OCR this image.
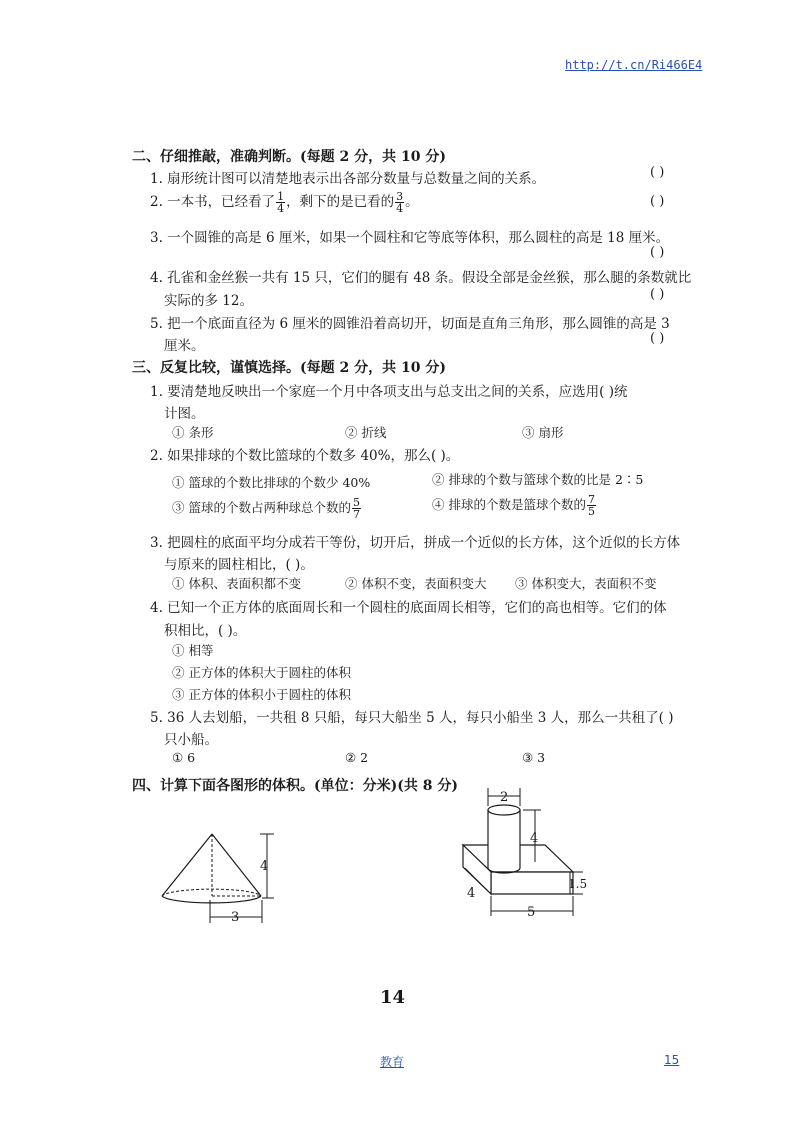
http://t.cn/Ri466E4
二、仔细推敲，准确判断。(每题 2 分，共 10 分)
1. 扇形统计图可以清楚地表示出各部分数量与总数量之间的关系。	( )
2. 一本书，已经看了 $\frac{1}{4}$ ，剩下的是已看的 $\frac{3}{4}$ 。	( )
3. 一个圆锥的高是 6 厘米，如果一个圆柱和它等底等体积，那么圆柱的高是 18 厘米。
( )
4. 孔雀和金丝猴一共有 15 只，它们的腿有 48 条。假设全部是金丝猴，那么腿的条数就比
实际的多 12。	( )
5. 把一个底面直径为 6 厘米的圆锥沿着高切开，切面是直角三角形，那么圆锥的高是 3
厘米。	( )
三、反复比较，谨慎选择。(每题 2 分，共 10 分)
1. 要清楚地反映出一个家庭一个月中各项支出与总支出之间的关系，应选用( )统
计图。
① 条形	② 折线	③ 扇形
2. 如果排球的个数比篮球的个数多 40%，那么( )。
① 篮球的个数比排球的个数少 40%	② 排球的个数与篮球个数的比是 2∶5
③ 篮球的个数占两种球总个数的 $\frac{5}{7}$	④ 排球的个数是篮球个数的 $\frac{7}{5}$
3. 把圆柱的底面平均分成若干等份，切开后，拼成一个近似的长方体，这个近似的长方体
与原来的圆柱相比，( )。
① 体积、表面积都不变	② 体积不变，表面积变大 ③ 体积变大，表面积不变
4. 已知一个正方体的底面周长和一个圆柱的底面周长相等，它们的高也相等。它们的体
积相比，( )。
① 相等
② 正方体的体积大于圆柱的体积
③ 正方体的体积小于圆柱的体积
5. 36 人去划船，一共租 8 只船，每只大船坐 5 人，每只小船坐 3 人，那么一共租了( )
只小船。
① 6	② 2	③ 3
四、计算下面各图形的体积。(单位：分米)(共 8 分)
4
3
2
4
4
1.5
5
14
教育	15
